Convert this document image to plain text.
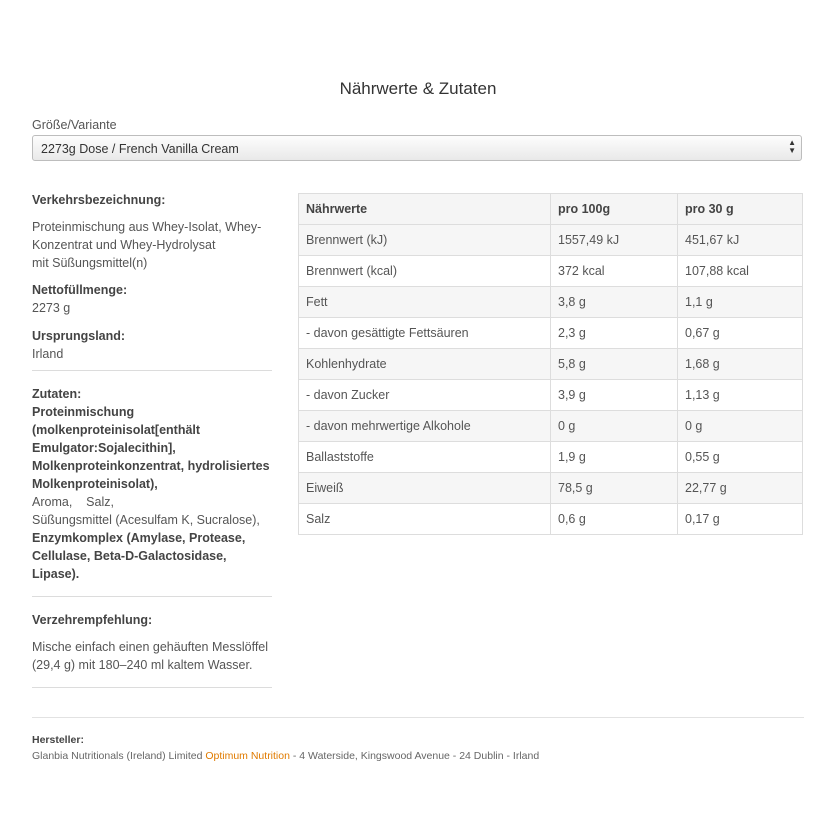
Nährwerte & Zutaten
Größe/Variante
2273g Dose / French Vanilla Cream	▲
▼
Verkehrsbezeichnung:
Proteinmischung aus Whey-Isolat, Whey-
Konzentrat und Whey-Hydrolysat
mit Süßungsmittel(n)
Nettofüllmenge:
2273 g
Ursprungsland:
Irland
Zutaten:
Proteinmischung
(molkenproteinisolat[enthält
Emulgator:Sojalecithin],
Molkenproteinkonzentrat, hydrolisiertes
Molkenproteinisolat),
Aroma,    Salz,
Süßungsmittel (Acesulfam K, Sucralose),
Enzymkomplex (Amylase, Protease,
Cellulase, Beta-D-Galactosidase, Lipase).
Verzehrempfehlung:
Mische einfach einen gehäuften Messlöffel
(29,4 g) mit 180–240 ml kaltem Wasser.
Nährwerte	pro 100g	pro 30 g
Brennwert (kJ)	1557,49 kJ	451,67 kJ
Brennwert (kcal)	372 kcal	107,88 kcal
Fett	3,8 g	1,1 g
- davon gesättigte Fettsäuren	2,3 g	0,67 g
Kohlenhydrate	5,8 g	1,68 g
- davon Zucker	3,9 g	1,13 g
- davon mehrwertige Alkohole	0 g	0 g
Ballaststoffe	1,9 g	0,55 g
Eiweiß	78,5 g	22,77 g
Salz	0,6 g	0,17 g
Hersteller:
Glanbia Nutritionals (Ireland) Limited Optimum Nutrition - 4 Waterside, Kingswood Avenue - 24 Dublin - Irland
